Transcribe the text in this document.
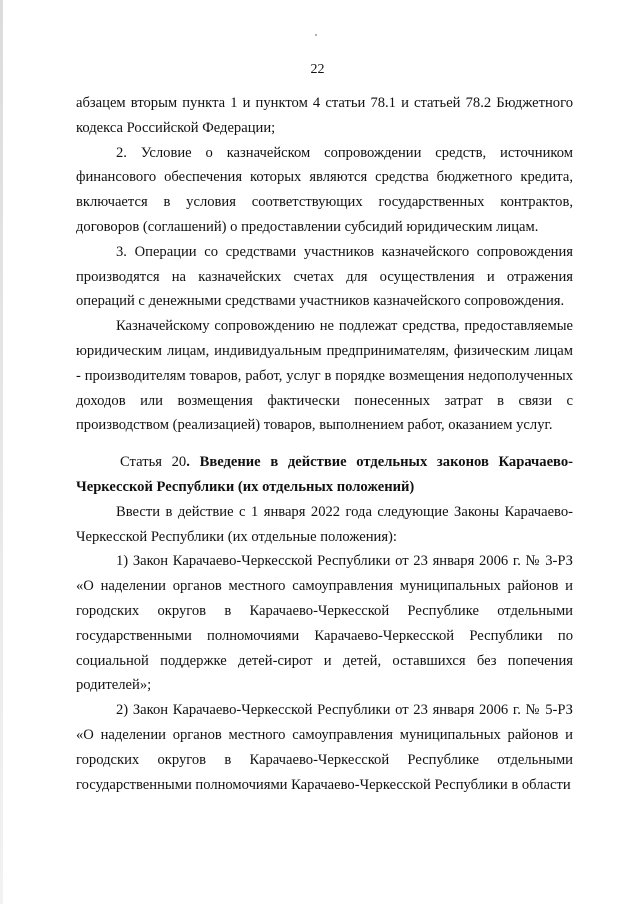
22

абзацем вторым пункта 1 и пунктом 4 статьи 78.1 и статьей 78.2 Бюджетного кодекса Российской Федерации;

2. Условие о казначейском сопровождении средств, источником финансового обеспечения которых являются средства бюджетного кредита, включается в условия соответствующих государственных контрактов, договоров (соглашений) о предоставлении субсидий юридическим лицам.

3. Операции со средствами участников казначейского сопровождения производятся на казначейских счетах для осуществления и отражения операций с денежными средствами участников казначейского сопровождения.

Казначейскому сопровождению не подлежат средства, предоставляемые юридическим лицам, индивидуальным предпринимателям, физическим лицам - производителям товаров, работ, услуг в порядке возмещения недополученных доходов или возмещения фактически понесенных затрат в связи с производством (реализацией) товаров, выполнением работ, оказанием услуг.

Статья 20. Введение в действие отдельных законов Карачаево-Черкесской Республики (их отдельных положений)

Ввести в действие с 1 января 2022 года следующие Законы Карачаево-Черкесской Республики (их отдельные положения):

1) Закон Карачаево-Черкесской Республики от 23 января 2006 г. № 3-РЗ «О наделении органов местного самоуправления муниципальных районов и городских округов в Карачаево-Черкесской Республике отдельными государственными полномочиями Карачаево-Черкесской Республики по социальной поддержке детей-сирот и детей, оставшихся без попечения родителей»;

2) Закон Карачаево-Черкесской Республики от 23 января 2006 г. № 5-РЗ «О наделении органов местного самоуправления муниципальных районов и городских округов в Карачаево-Черкесской Республике отдельными государственными полномочиями Карачаево-Черкесской Республики в области
